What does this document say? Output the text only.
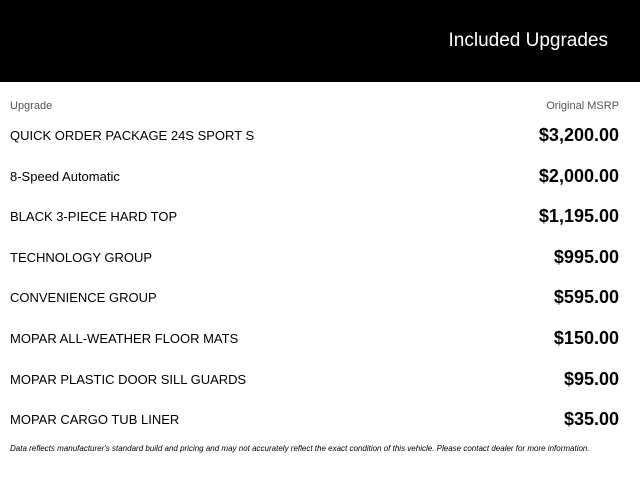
Included Upgrades
Upgrade	Original MSRP
QUICK ORDER PACKAGE 24S SPORT S	$3,200.00
8-Speed Automatic	$2,000.00
BLACK 3-PIECE HARD TOP	$1,195.00
TECHNOLOGY GROUP	$995.00
CONVENIENCE GROUP	$595.00
MOPAR ALL-WEATHER FLOOR MATS	$150.00
MOPAR PLASTIC DOOR SILL GUARDS	$95.00
MOPAR CARGO TUB LINER	$35.00
Data reflects manufacturer's standard build and pricing and may not accurately reflect the exact condition of this vehicle. Please contact dealer for more information.
